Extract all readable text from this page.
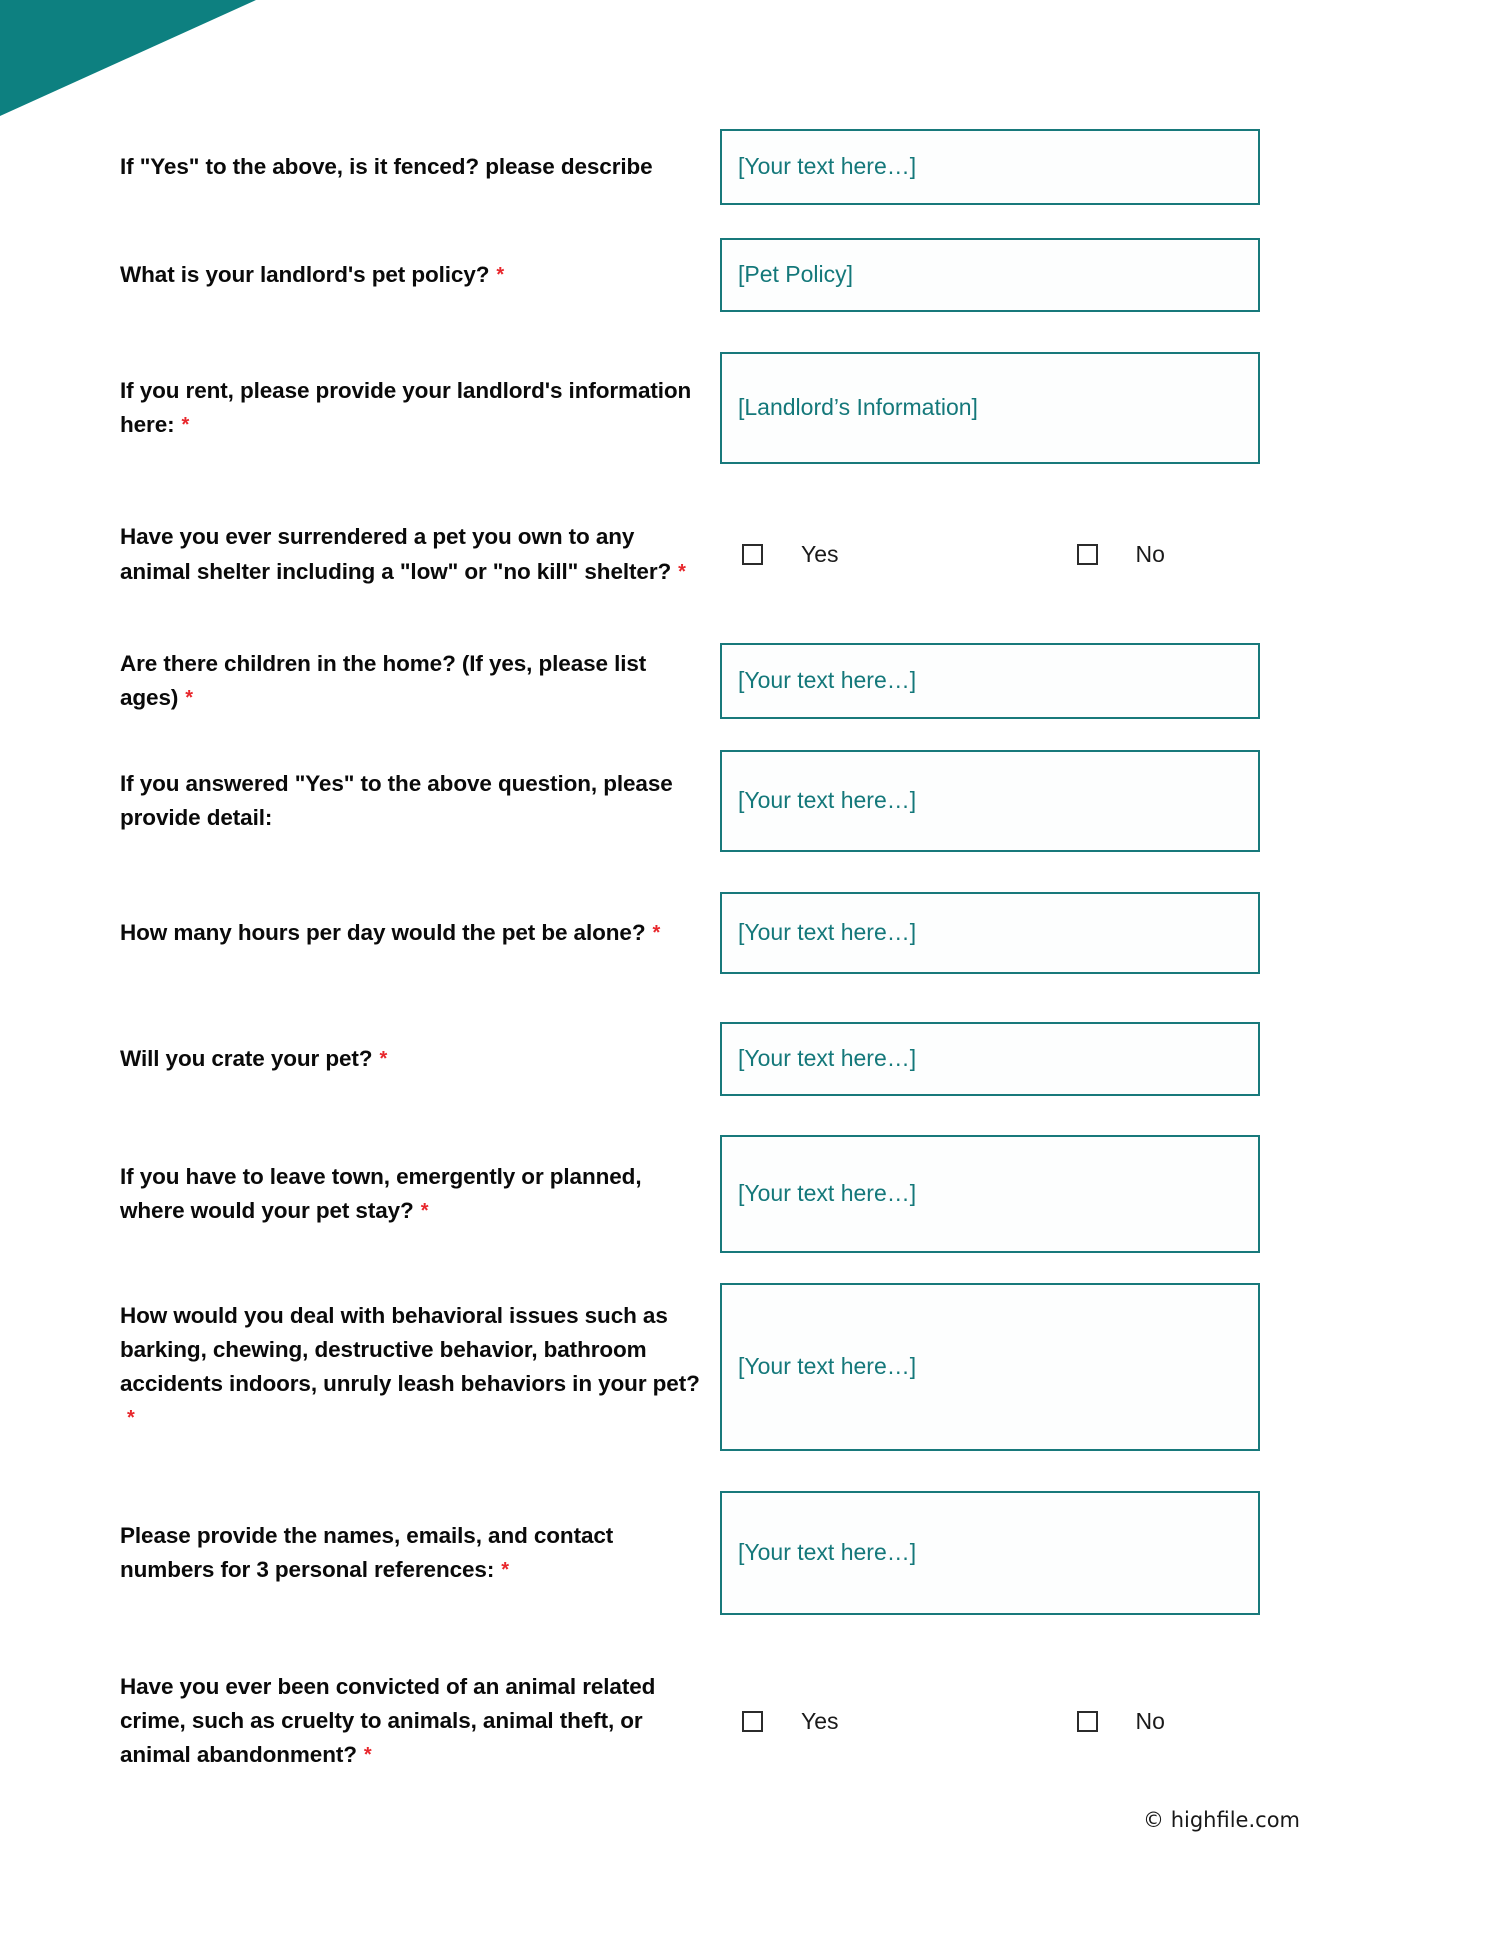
If "Yes" to the above, is it fenced? please describe	[Your text here…]
What is your landlord's pet policy? *	[Pet Policy]
If you rent, please provide your landlord's information here: *
[Landlord’s Information]
Have you ever surrendered a pet you own to any animal shelter including a "low" or "no kill" shelter? *
Yes	No
Are there children in the home? (If yes, please list ages) *
[Your text here…]
If you answered "Yes" to the above question, please provide detail:
[Your text here…]
How many hours per day would the pet be alone? *	[Your text here…]
Will you crate your pet? *	[Your text here…]
If you have to leave town, emergently or planned, where would your pet stay? *
[Your text here…]
How would you deal with behavioral issues such as barking, chewing, destructive behavior, bathroom accidents indoors, unruly leash behaviors in your pet?*
[Your text here…]
Please provide the names, emails, and contact numbers for 3 personal references: *
[Your text here…]
Have you ever been convicted of an animal related crime, such as cruelty to animals, animal theft, or animal abandonment? *
Yes	No
© highfile.com
